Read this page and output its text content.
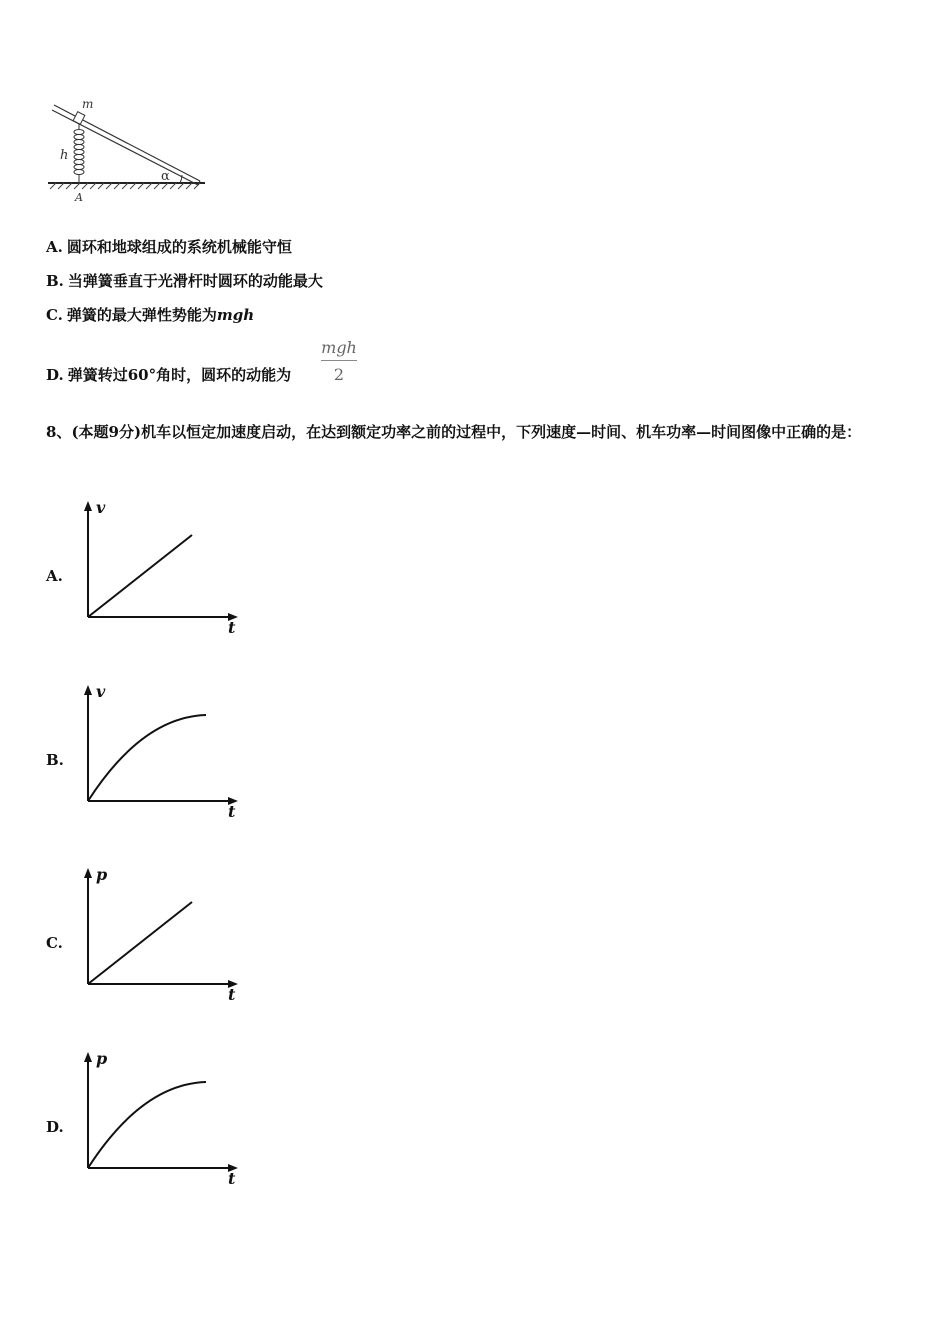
m
h
α
A
A. 圆环和地球组成的系统机械能守恒
B. 当弹簧垂直于光滑杆时圆环的动能最大
C. 弹簧的最大弹性势能为mgh
D. 弹簧转过60°角时，圆环的动能为
mgh
2
8、(本题9分)机车以恒定加速度启动，在达到额定功率之前的过程中，下列速度—时间、机车功率—时间图像中正确的是：
A.
B.
C.
D.
v
t
v
t
p
t
p
t
